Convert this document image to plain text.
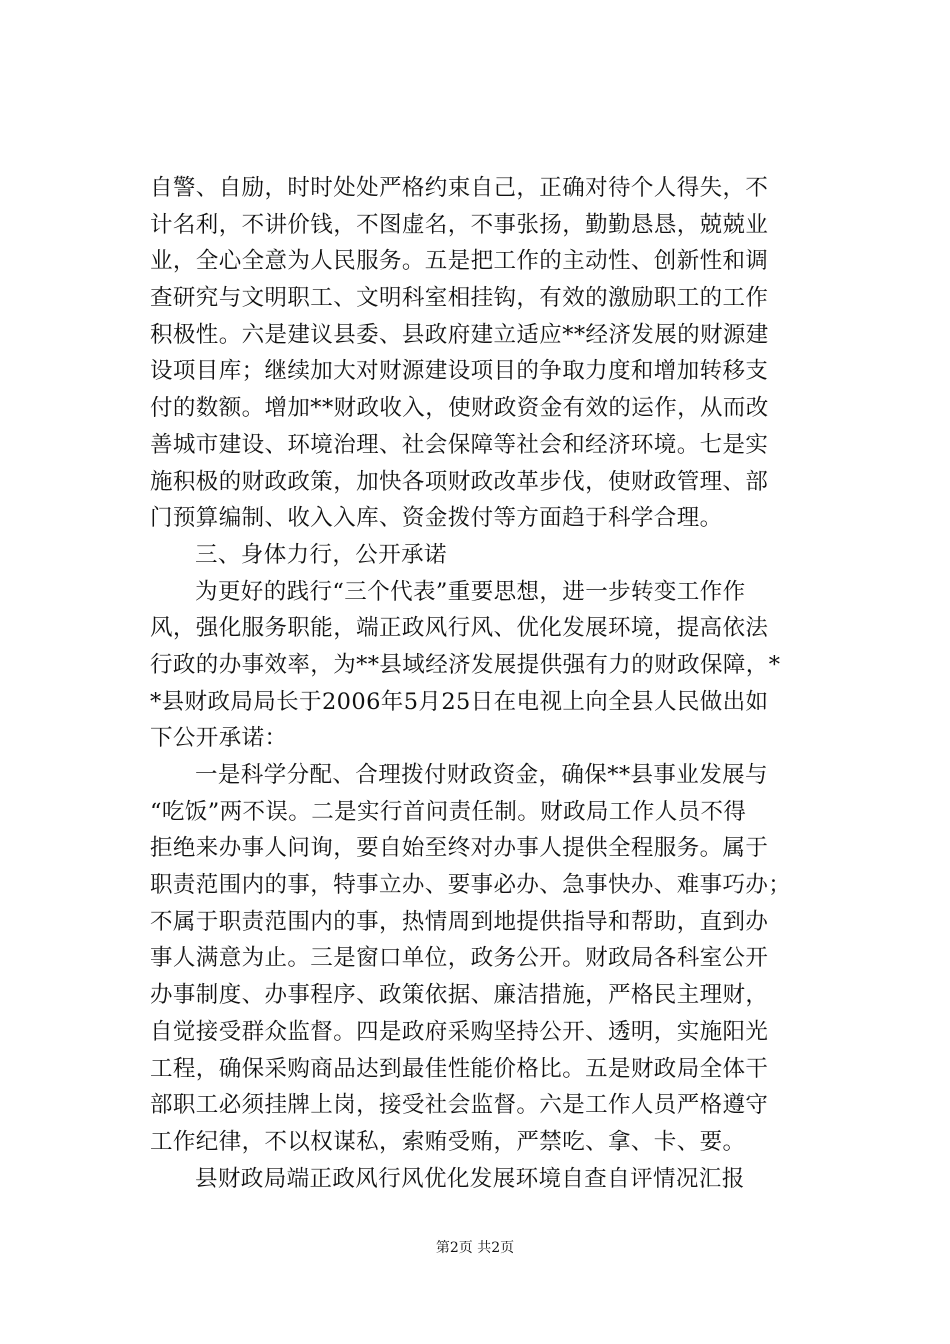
自警、自励，时时处处严格约束自己，正确对待个人得失，不
计名利，不讲价钱，不图虚名，不事张扬，勤勤恳恳，兢兢业
业，全心全意为人民服务。五是把工作的主动性、创新性和调
查研究与文明职工、文明科室相挂钩，有效的激励职工的工作
积极性。六是建议县委、县政府建立适应**经济发展的财源建
设项目库；继续加大对财源建设项目的争取力度和增加转移支
付的数额。增加**财政收入，使财政资金有效的运作，从而改
善城市建设、环境治理、社会保障等社会和经济环境。七是实
施积极的财政政策，加快各项财政改革步伐，使财政管理、部
门预算编制、收入入库、资金拨付等方面趋于科学合理。
三、身体力行，公开承诺
为更好的践行“三个代表”重要思想，进一步转变工作作
风，强化服务职能，端正政风行风、优化发展环境，提高依法
行政的办事效率，为**县域经济发展提供强有力的财政保障，*
*县财政局局长于2006年5月25日在电视上向全县人民做出如
下公开承诺：
一是科学分配、合理拨付财政资金，确保**县事业发展与
“吃饭”两不误。二是实行首问责任制。财政局工作人员不得
拒绝来办事人问询，要自始至终对办事人提供全程服务。属于
职责范围内的事，特事立办、要事必办、急事快办、难事巧办；
不属于职责范围内的事，热情周到地提供指导和帮助，直到办
事人满意为止。三是窗口单位，政务公开。财政局各科室公开
办事制度、办事程序、政策依据、廉洁措施，严格民主理财，
自觉接受群众监督。四是政府采购坚持公开、透明，实施阳光
工程，确保采购商品达到最佳性能价格比。五是财政局全体干
部职工必须挂牌上岗，接受社会监督。六是工作人员严格遵守
工作纪律，不以权谋私，索贿受贿，严禁吃、拿、卡、要。
县财政局端正政风行风优化发展环境自查自评情况汇报
第2页 共2页
